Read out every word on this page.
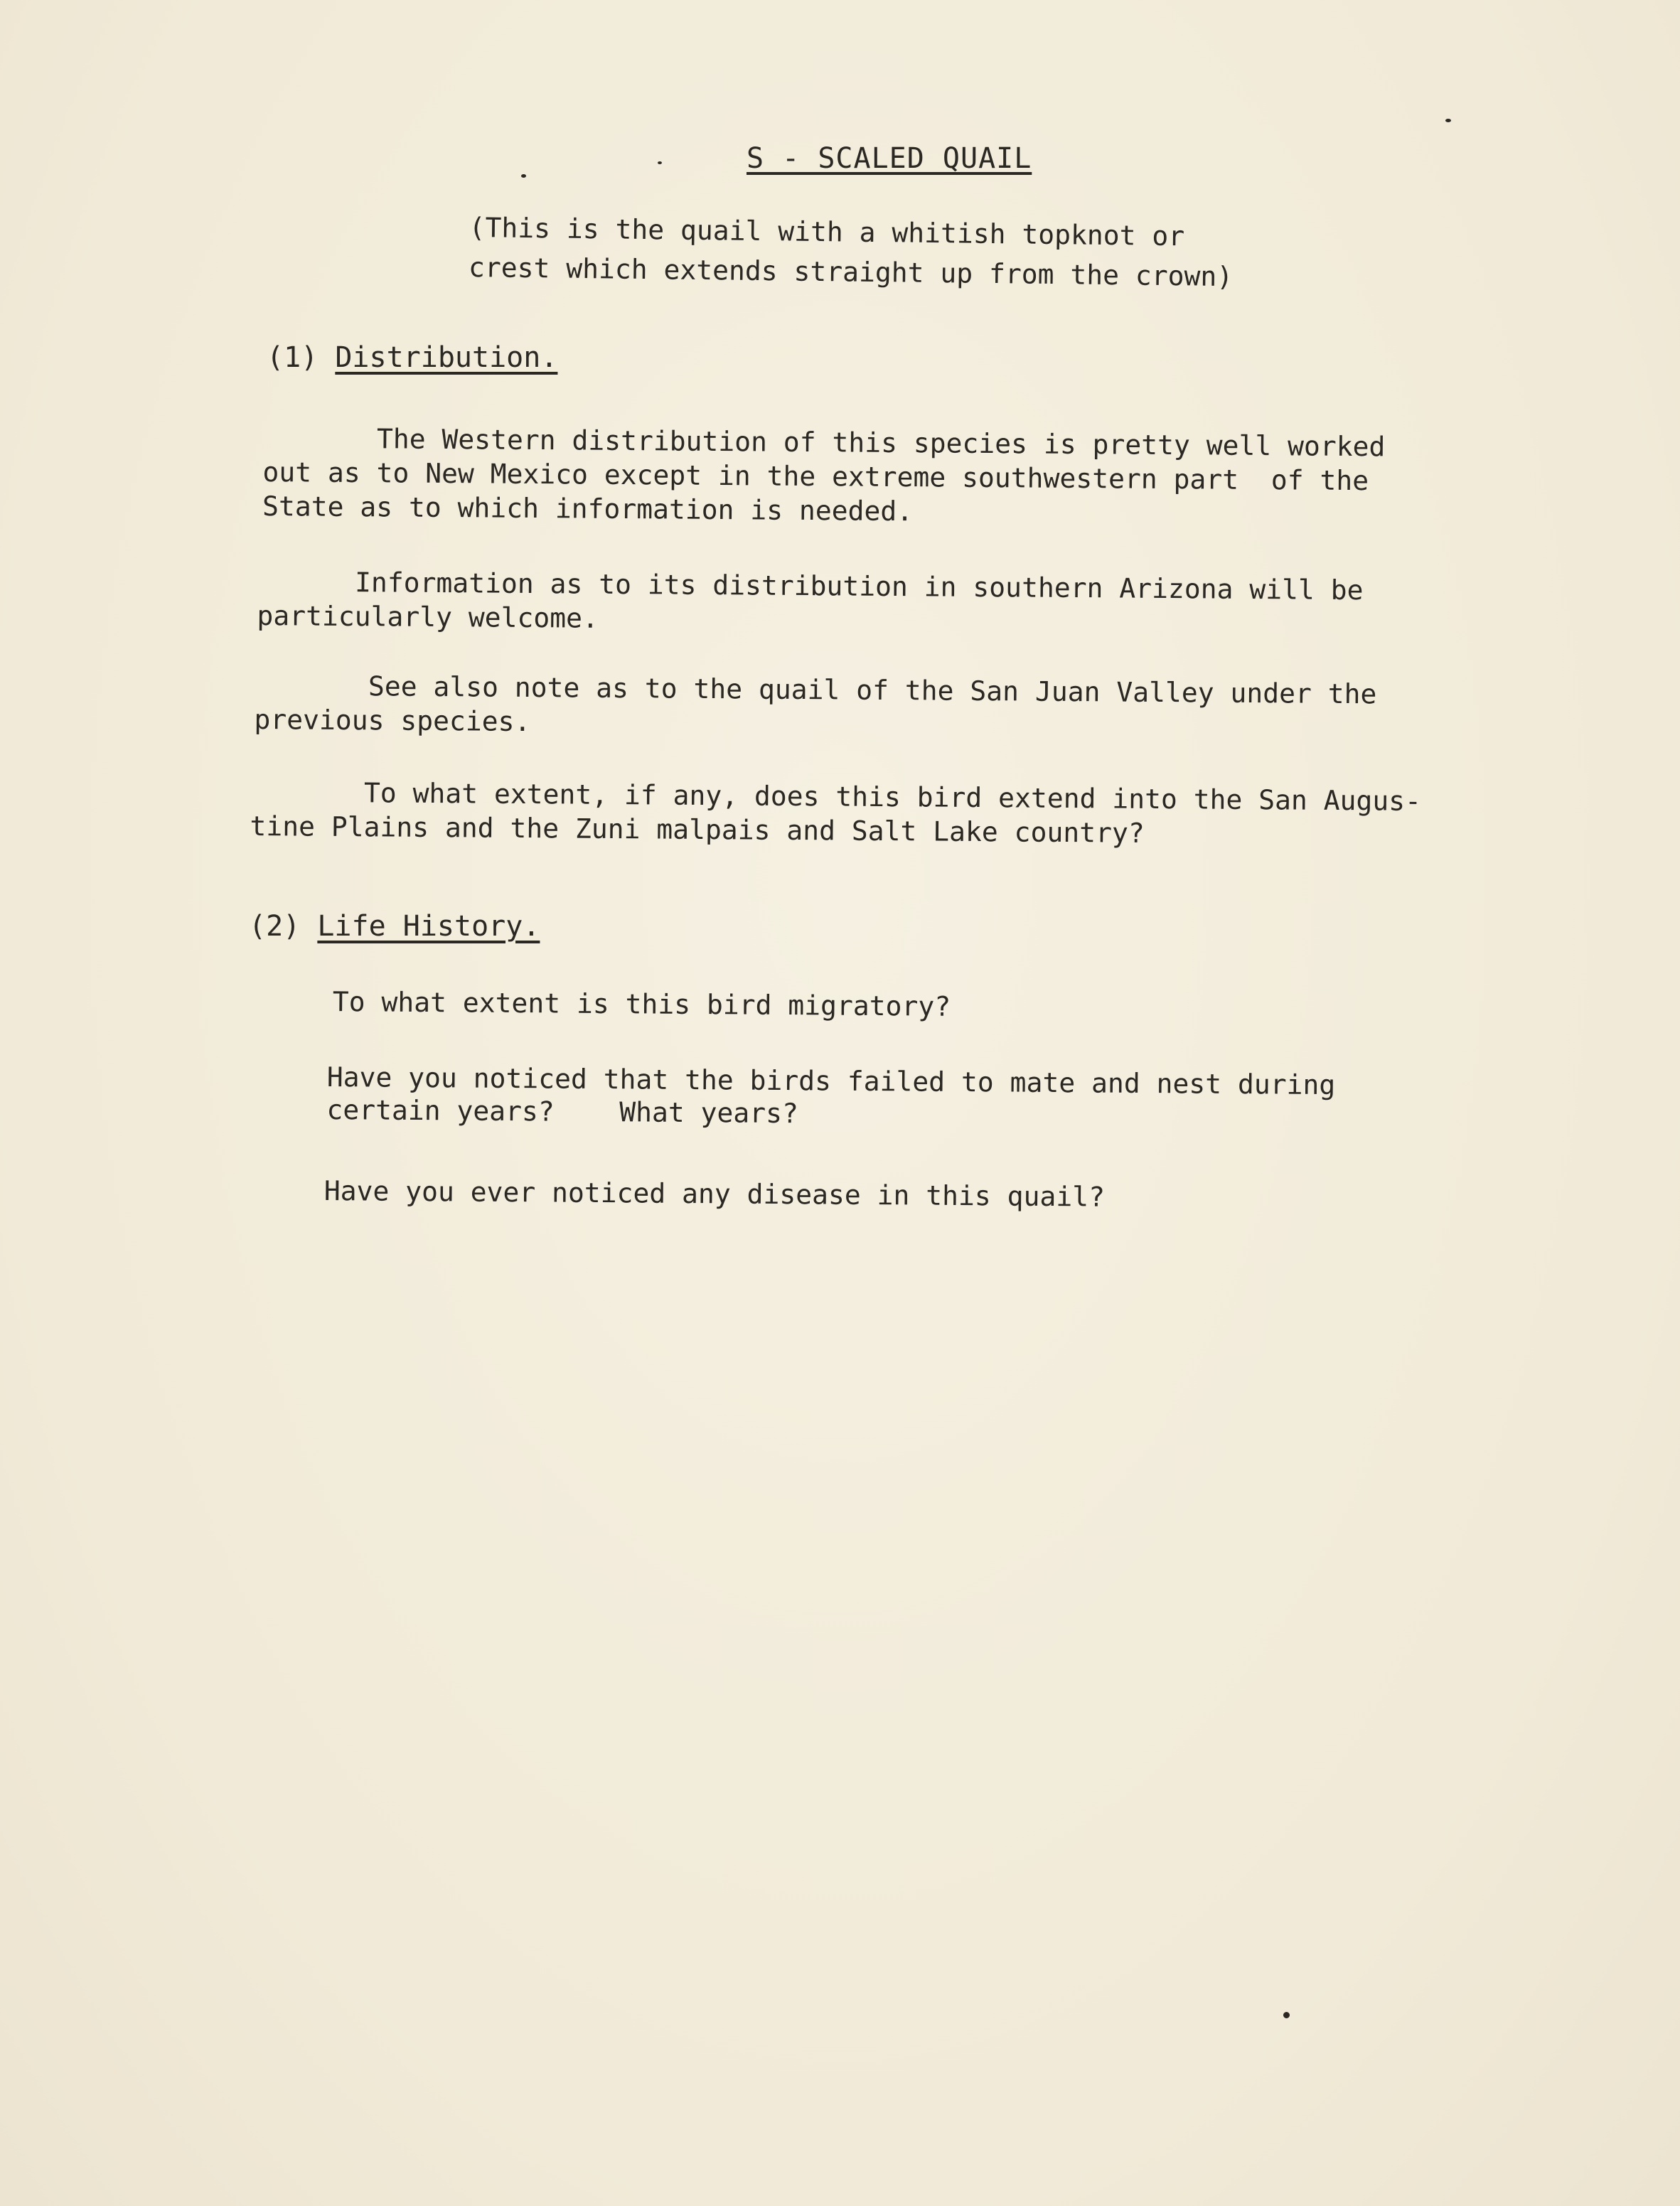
S - SCALED QUAIL
(This is the quail with a whitish topknot or
crest which extends straight up from the crown)
(1) Distribution.
The Western distribution of this species is pretty well worked
out as to New Mexico except in the extreme southwestern part  of the
State as to which information is needed.
Information as to its distribution in southern Arizona will be
particularly welcome.
See also note as to the quail of the San Juan Valley under the
previous species.
To what extent, if any, does this bird extend into the San Augus-
tine Plains and the Zuni malpais and Salt Lake country?
(2) Life History.
To what extent is this bird migratory?
Have you noticed that the birds failed to mate and nest during
certain years?    What years?
Have you ever noticed any disease in this quail?
